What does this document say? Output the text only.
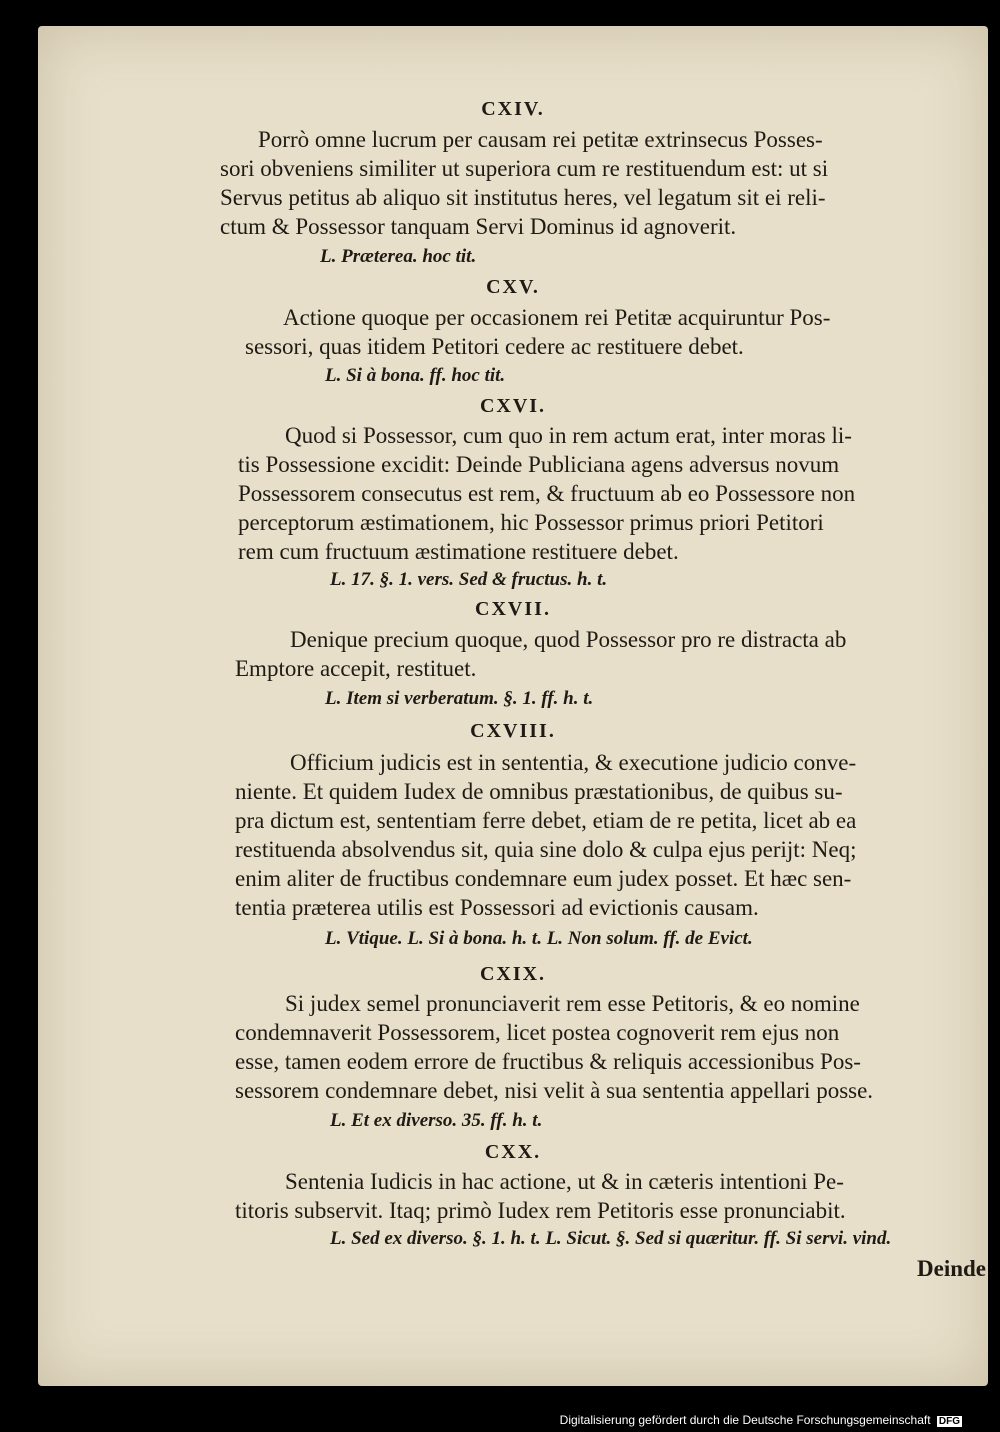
CXIV.
Porrò omne lucrum per causam rei petitæ extrinsecus Posses-
sori obveniens similiter ut superiora cum re restituendum est: ut si
Servus petitus ab aliquo sit institutus heres, vel legatum sit ei reli-
ctum & Possessor tanquam Servi Dominus id agnoverit.
L. Præterea. hoc tit.
CXV.
Actione quoque per occasionem rei Petitæ acquiruntur Pos-
sessori, quas itidem Petitori cedere ac restituere debet.
L. Si à bona. ff. hoc tit.
CXVI.
Quod si Possessor, cum quo in rem actum erat, inter moras li-
tis Possessione excidit: Deinde Publiciana agens adversus novum
Possessorem consecutus est rem, & fructuum ab eo Possessore non
perceptorum æstimationem, hic Possessor primus priori Petitori
rem cum fructuum æstimatione restituere debet.
L. 17. §. 1. vers. Sed & fructus. h. t.
CXVII.
Denique precium quoque, quod Possessor pro re distracta ab
Emptore accepit, restituet.
L. Item si verberatum. §. 1. ff. h. t.
CXVIII.
Officium judicis est in sententia, & executione judicio conve-
niente. Et quidem Iudex de omnibus præstationibus, de quibus su-
pra dictum est, sententiam ferre debet, etiam de re petita, licet ab ea
restituenda absolvendus sit, quia sine dolo & culpa ejus perijt: Neq;
enim aliter de fructibus condemnare eum judex posset. Et hæc sen-
tentia præterea utilis est Possessori ad evictionis causam.
L. Vtique. L. Si à bona. h. t. L. Non solum. ff. de Evict.
CXIX.
Si judex semel pronunciaverit rem esse Petitoris, & eo nomine
condemnaverit Possessorem, licet postea cognoverit rem ejus non
esse, tamen eodem errore de fructibus & reliquis accessionibus Pos-
sessorem condemnare debet, nisi velit à sua sententia appellari posse.
L. Et ex diverso. 35. ff. h. t.
CXX.
Sentenia Iudicis in hac actione, ut & in cæteris intentioni Pe-
titoris subservit. Itaq; primò Iudex rem Petitoris esse pronunciabit.
L. Sed ex diverso. §. 1. h. t. L. Sicut. §. Sed si quæritur. ff. Si servi. vind.
Deinde
Digitalisierung gefördert durch die Deutsche Forschungsgemeinschaft DFG
